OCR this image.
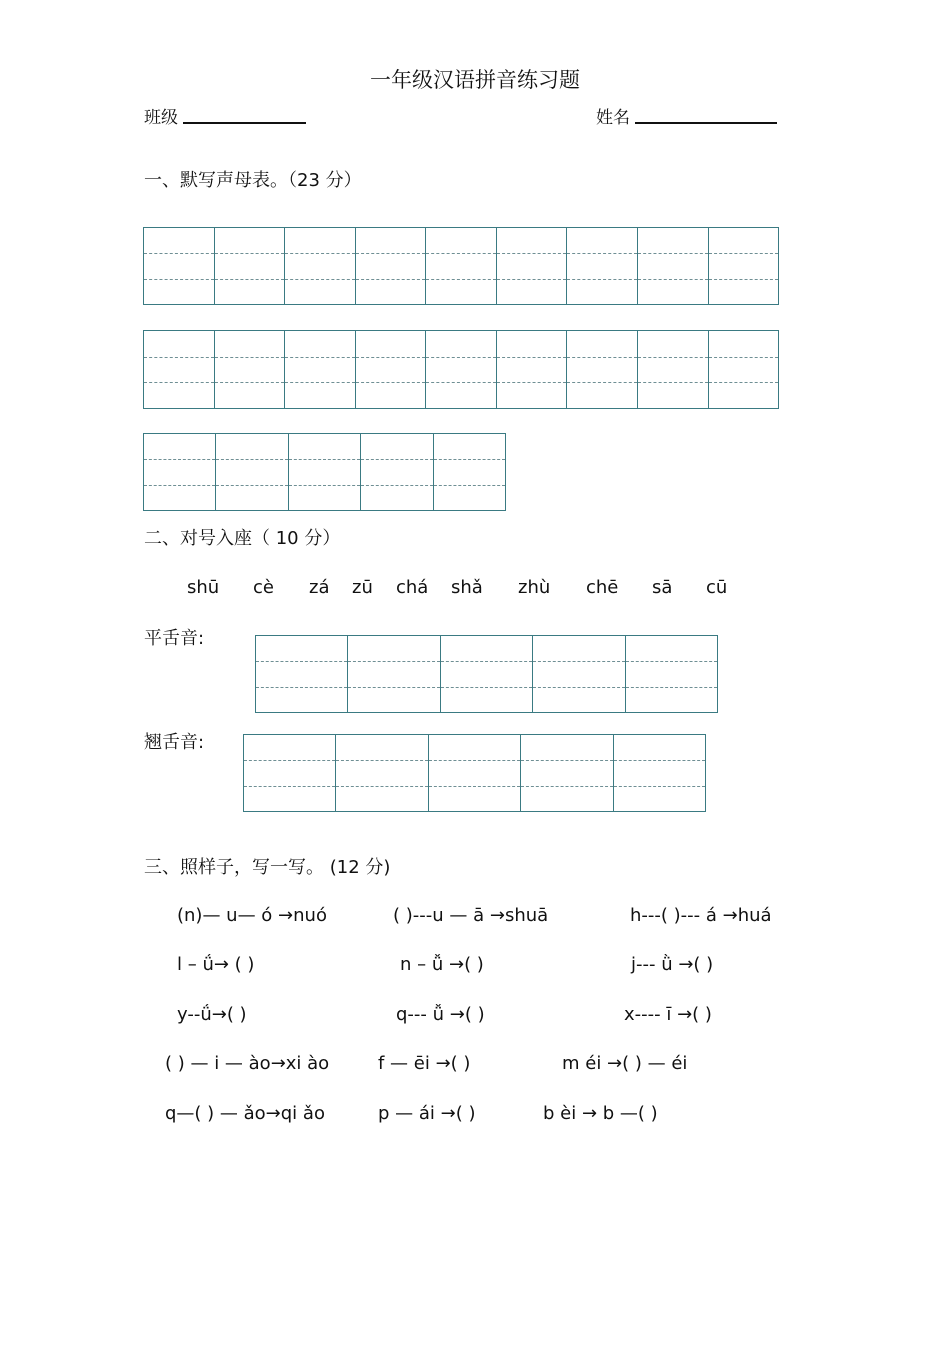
一年级汉语拼音练习题
班级	姓名
一、默写声母表。（23 分）
二、对号入座（ 10 分）
shū cè zá zū chá shǎ zhù chē sā cū
平舌音:
翘舌音:
三、照样子，写一写。 (12 分)
(n)— u— ó →nuó	( )---u — ā →shuā	h---( )--- á →huá
l – ǘ→ ( )	n – ǚ →( )	j--- ǜ →( )
y--ǘ→( )	q--- ǚ →( )	x---- ī →( )
( ) — i — ào→xi ào	f — ēi →( )	m éi →( ) — éi
q—( ) — ǎo→qi ǎo	p — ái →( )	b èi → b —( )
